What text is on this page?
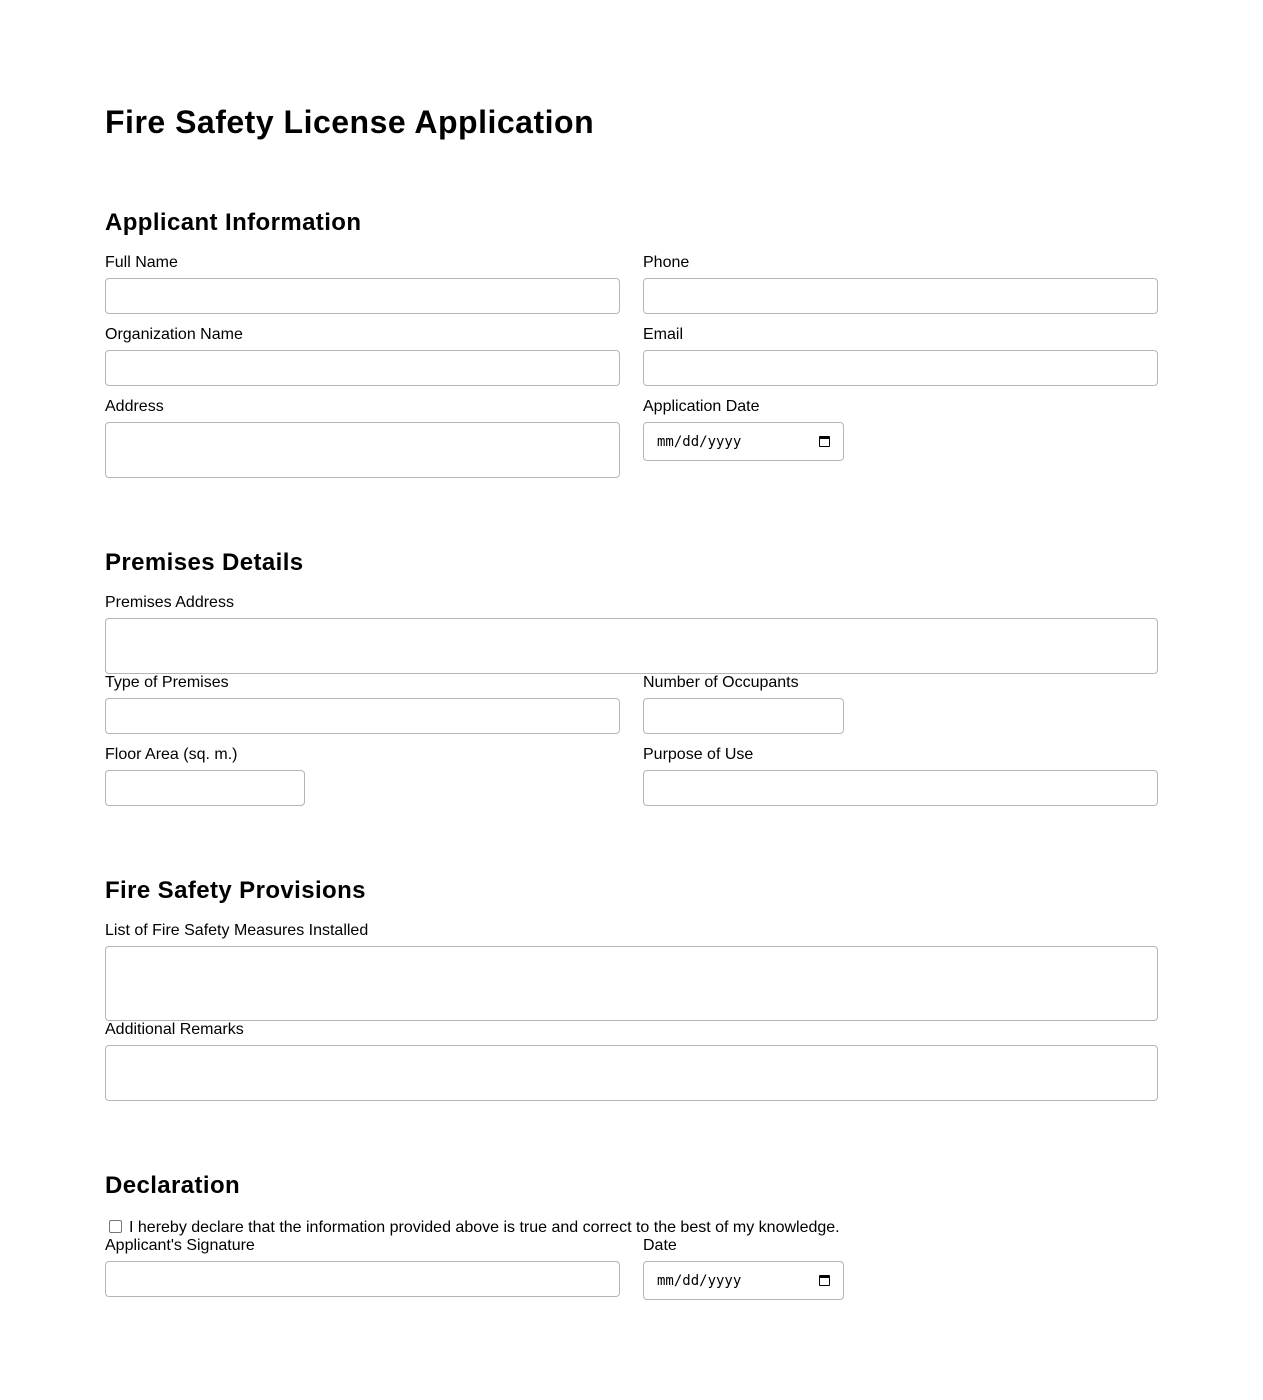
Fire Safety License Application
Applicant Information
Full Name	Phone
Organization Name	Email
Address	Application Date
mm/dd/yyyy
Premises Details
Premises Address
Type of Premises	Number of Occupants
Floor Area (sq. m.)	Purpose of Use
Fire Safety Provisions
List of Fire Safety Measures Installed
Additional Remarks
Declaration
I hereby declare that the information provided above is true and correct to the best of my knowledge.
Applicant's Signature	Date
mm/dd/yyyy
